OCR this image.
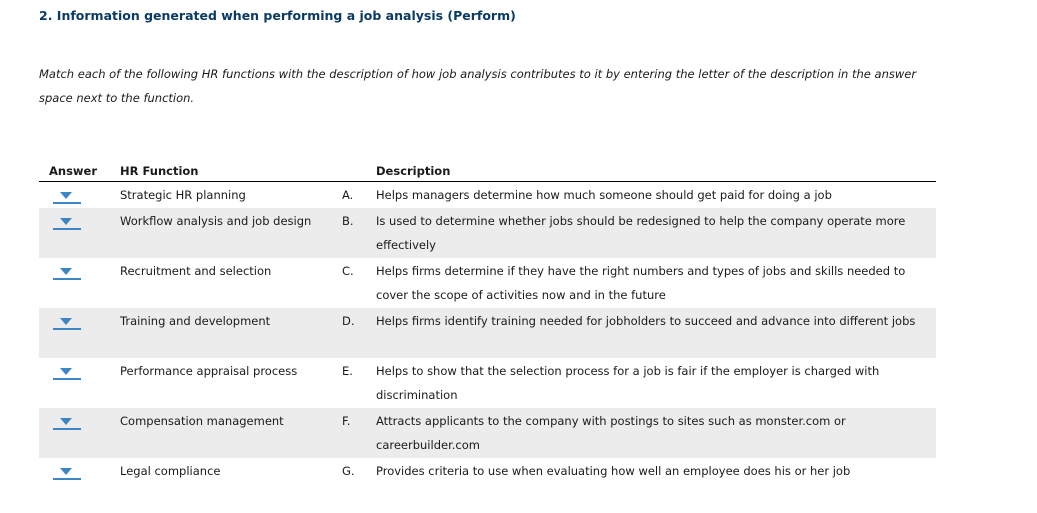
2. Information generated when performing a job analysis (Perform)
Match each of the following HR functions with the description of how job analysis contributes to it by entering the letter of the description in the answer space next to the function.
Answer HR Function	Description
Strategic HR planning	A. Helps managers determine how much someone should get paid for doing a job
Workflow analysis and job design	B. Is used to determine whether jobs should be redesigned to help the company operate more effectively
Recruitment and selection	C. Helps firms determine if they have the right numbers and types of jobs and skills needed to cover the scope of activities now and in the future
Training and development	D. Helps firms identify training needed for jobholders to succeed and advance into different jobs
Performance appraisal process	E. Helps to show that the selection process for a job is fair if the employer is charged with discrimination
Compensation management	F. Attracts applicants to the company with postings to sites such as monster.com or careerbuilder.com
Legal compliance	G. Provides criteria to use when evaluating how well an employee does his or her job
